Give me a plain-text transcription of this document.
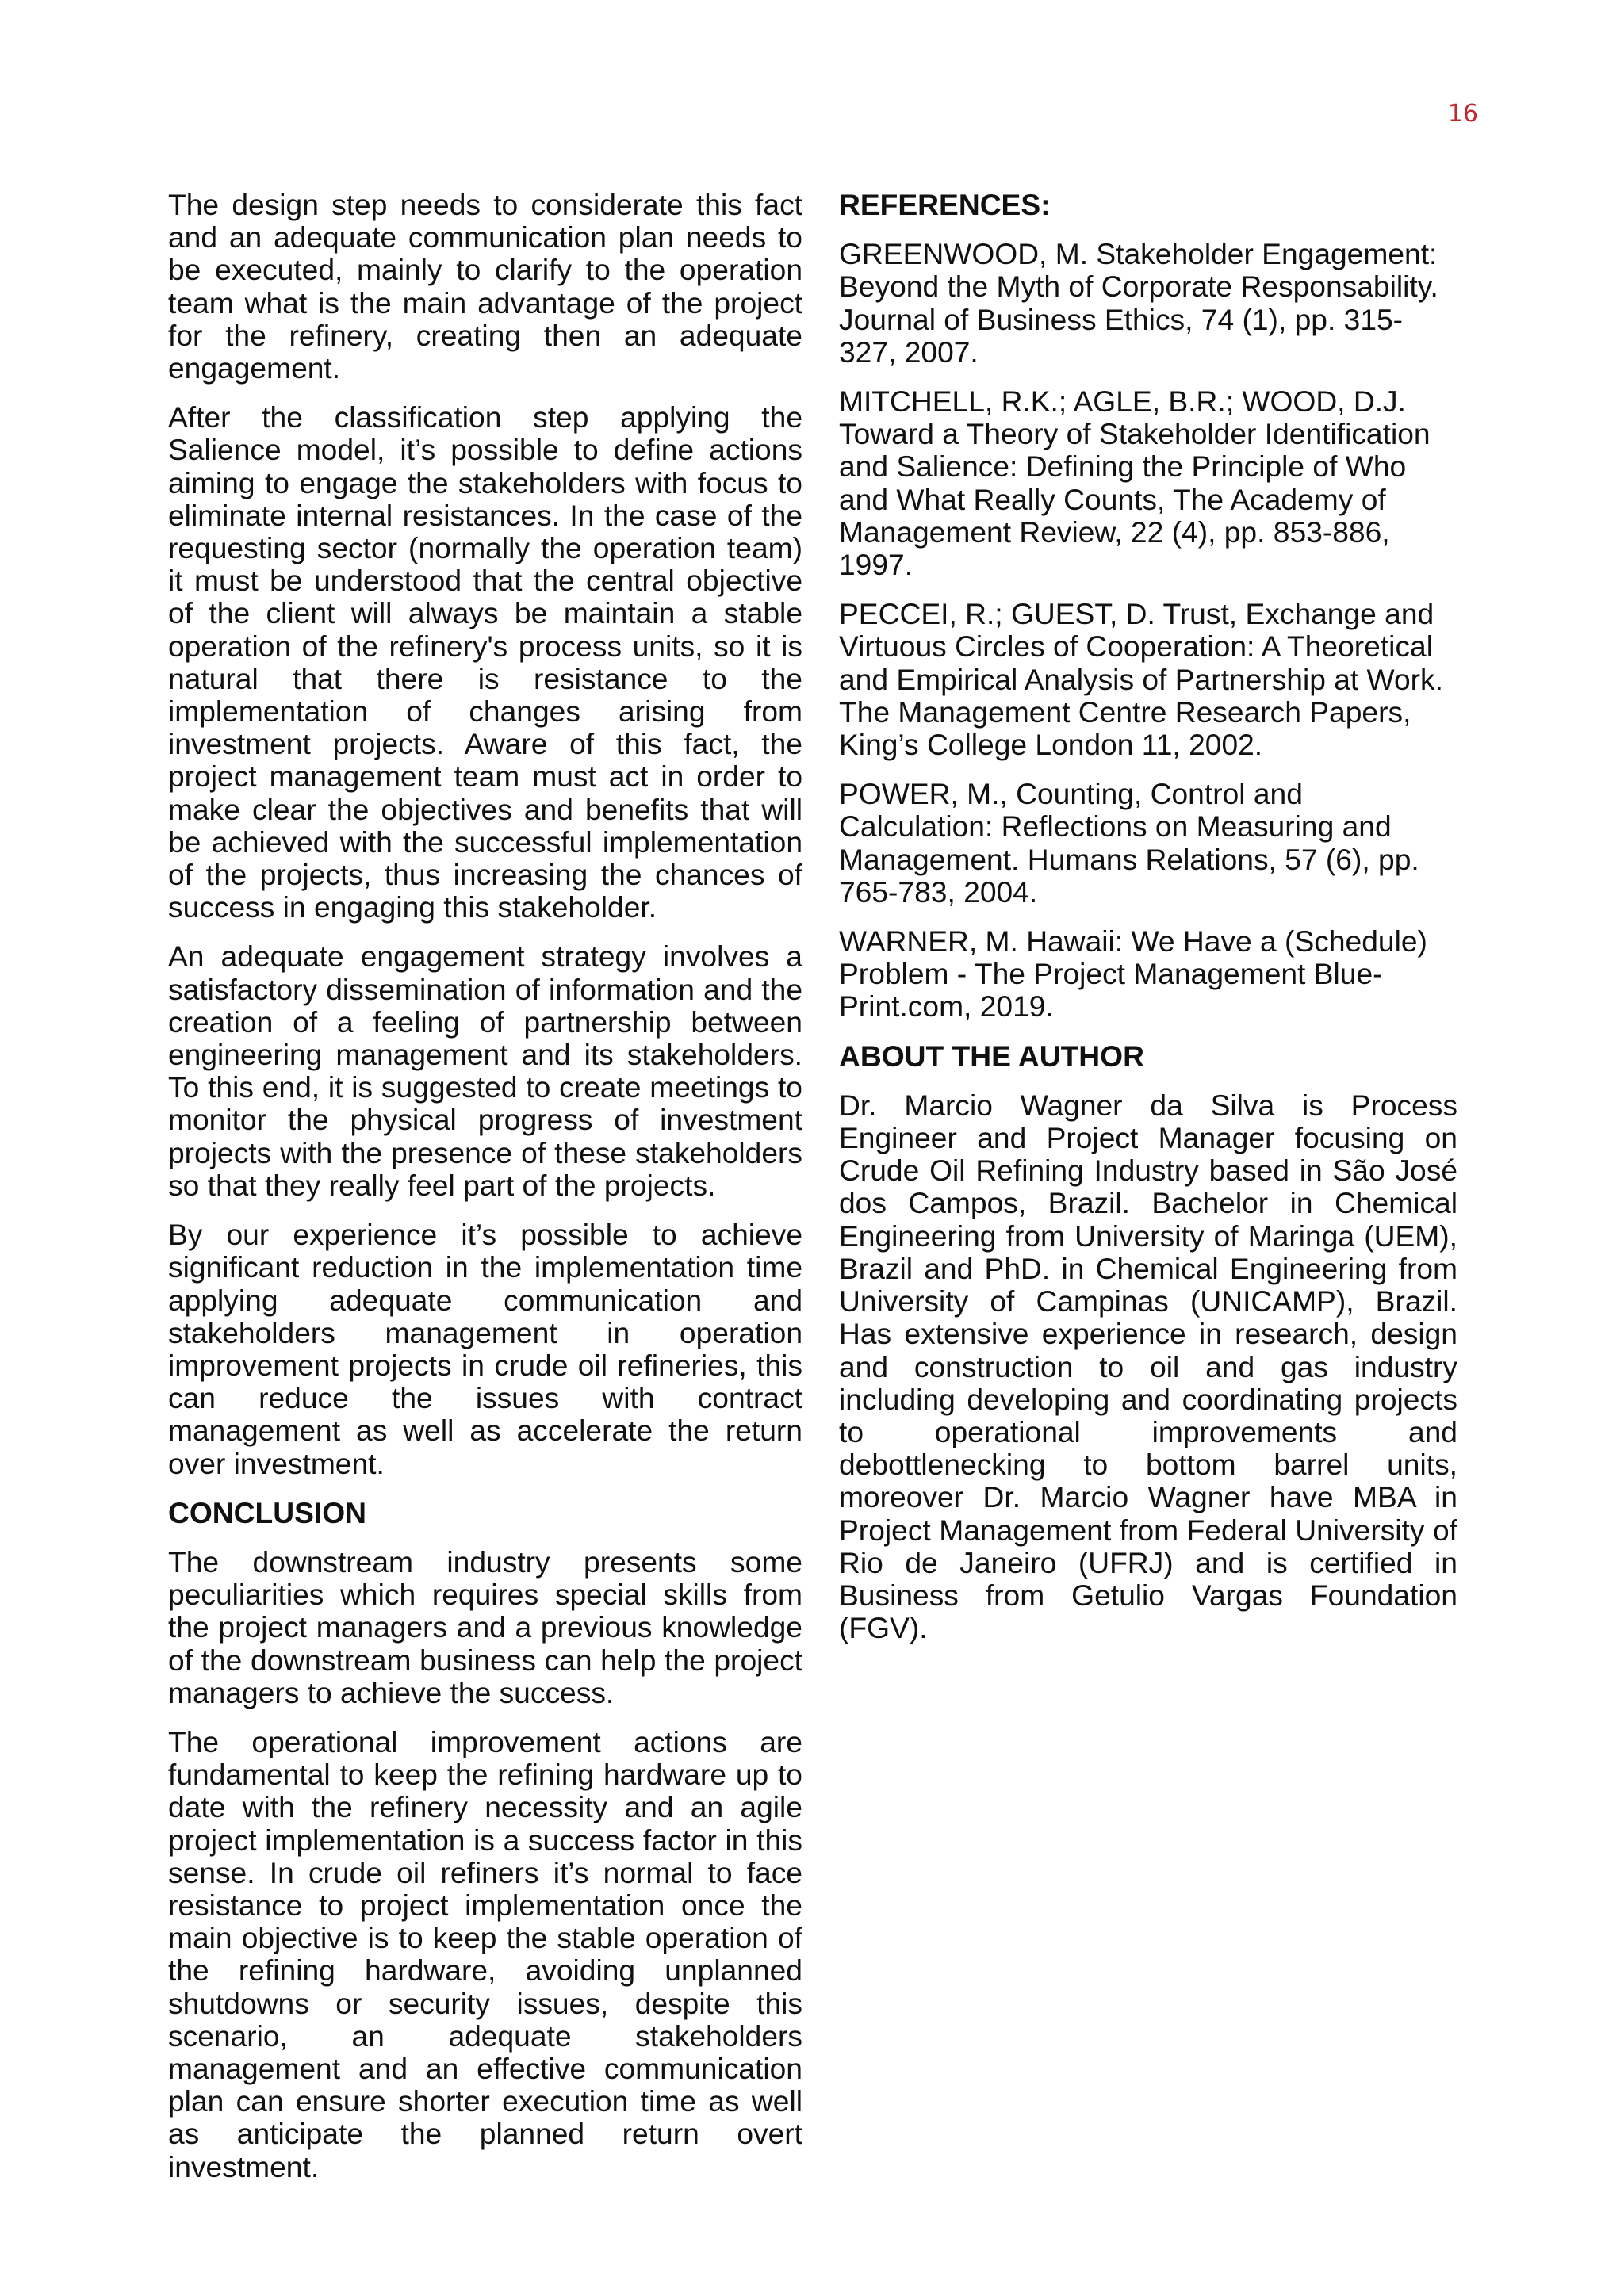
16

The design step needs to considerate this fact and an adequate communication plan needs to be executed, mainly to clarify to the operation team what is the main advantage of the project for the refinery, creating then an adequate engagement.

After the classification step applying the Salience model, it’s possible to define actions aiming to engage the stakeholders with focus to eliminate internal resistances. In the case of the requesting sector (normally the operation team) it must be understood that the central objective of the client will always be maintain a stable operation of the refinery's process units, so it is natural that there is resistance to the implementation of changes arising from investment projects. Aware of this fact, the project management team must act in order to make clear the objectives and benefits that will be achieved with the successful implementation of the projects, thus increasing the chances of success in engaging this stakeholder.

An adequate engagement strategy involves a satisfactory dissemination of information and the creation of a feeling of partnership between engineering management and its stakeholders. To this end, it is suggested to create meetings to monitor the physical progress of investment projects with the presence of these stakeholders so that they really feel part of the projects.

By our experience it’s possible to achieve significant reduction in the implementation time applying adequate communication and stakeholders management in operation improvement projects in crude oil refineries, this can reduce the issues with contract management as well as accelerate the return over investment.

CONCLUSION

The downstream industry presents some peculiarities which requires special skills from the project managers and a previous knowledge of the downstream business can help the project managers to achieve the success.

The operational improvement actions are fundamental to keep the refining hardware up to date with the refinery necessity and an agile project implementation is a success factor in this sense. In crude oil refiners it’s normal to face resistance to project implementation once the main objective is to keep the stable operation of the refining hardware, avoiding unplanned shutdowns or security issues, despite this scenario, an adequate stakeholders management and an effective communication plan can ensure shorter execution time as well as anticipate the planned return overt investment.

REFERENCES:

GREENWOOD, M. Stakeholder Engagement: Beyond the Myth of Corporate Responsability. Journal of Business Ethics, 74 (1), pp. 315-327, 2007.

MITCHELL, R.K.; AGLE, B.R.; WOOD, D.J. Toward a Theory of Stakeholder Identification and Salience: Defining the Principle of Who and What Really Counts, The Academy of Management Review, 22 (4), pp. 853-886, 1997.

PECCEI, R.; GUEST, D. Trust, Exchange and Virtuous Circles of Cooperation: A Theoretical and Empirical Analysis of Partnership at Work. The Management Centre Research Papers, King’s College London 11, 2002.

POWER, M., Counting, Control and Calculation: Reflections on Measuring and Management. Humans Relations, 57 (6), pp. 765-783, 2004.

WARNER, M. Hawaii: We Have a (Schedule) Problem - The Project Management Blue-Print.com, 2019.

ABOUT THE AUTHOR

Dr. Marcio Wagner da Silva is Process Engineer and Project Manager focusing on Crude Oil Refining Industry based in São José dos Campos, Brazil. Bachelor in Chemical Engineering from University of Maringa (UEM), Brazil and PhD. in Chemical Engineering from University of Campinas (UNICAMP), Brazil. Has extensive experience in research, design and construction to oil and gas industry including developing and coordinating projects to operational improvements and debottlenecking to bottom barrel units, moreover Dr. Marcio Wagner have MBA in Project Management from Federal University of Rio de Janeiro (UFRJ) and is certified in Business from Getulio Vargas Foundation (FGV).
